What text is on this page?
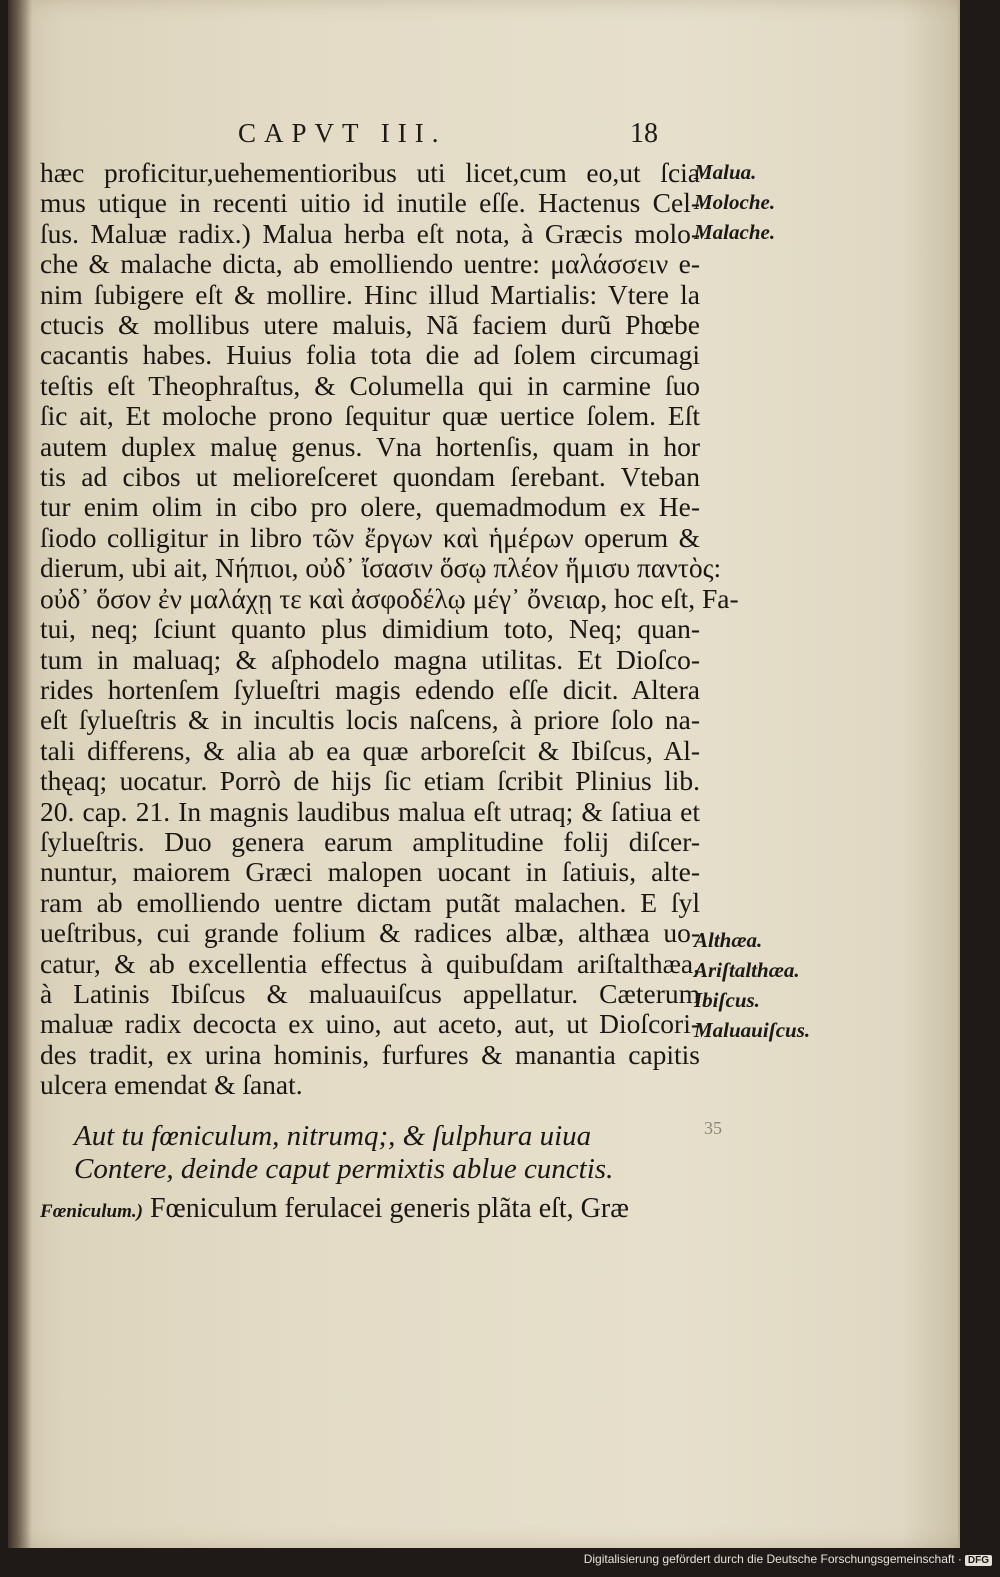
CAPVT III.	18
hæc proficitur,uehementioribus uti licet,cum eo,ut ſcia
mus utique in recenti uitio id inutile eſſe. Hactenus Cel-
ſus. Maluæ radix.) Malua herba eſt nota, à Græcis molo-
che & malache dicta, ab emolliendo uentre: μαλάσσειν e-
nim ſubigere eſt & mollire. Hinc illud Martialis: Vtere la
ctucis & mollibus utere maluis, Nã faciem durũ Phœbe
cacantis habes. Huius folia tota die ad ſolem circumagi
teſtis eſt Theophraſtus, & Columella qui in carmine ſuo
ſic ait, Et moloche prono ſequitur quæ uertice ſolem. Eſt
autem duplex maluę genus. Vna hortenſis, quam in hor
tis ad cibos ut melioreſceret quondam ſerebant. Vteban
tur enim olim in cibo pro olere, quemadmodum ex He-
ſiodo colligitur in libro τῶν ἔργων καὶ ἡμέρων operum &
dierum, ubi ait, Νήπιοι, οὐδ᾽ ἴσασιν ὅσῳ πλέον ἥμισυ παντὸς:
οὐδ᾽ ὅσον ἐν μαλάχῃ τε καὶ ἀσφοδέλῳ μέγ᾽ ὄνειαρ, hoc eſt, Fa-
tui, neq; ſciunt quanto plus dimidium toto, Neq; quan-
tum in maluaq; & aſphodelo magna utilitas. Et Dioſco-
rides hortenſem ſylueſtri magis edendo eſſe dicit. Altera
eſt ſylueſtris & in incultis locis naſcens, à priore ſolo na-
tali differens, & alia ab ea quæ arboreſcit & Ibiſcus, Al-
thęaq; uocatur. Porrò de hijs ſic etiam ſcribit Plinius lib.
20. cap. 21. In magnis laudibus malua eſt utraq; & ſatiua et
ſylueſtris. Duo genera earum amplitudine folij diſcer-
nuntur, maiorem Græci malopen uocant in ſatiuis, alte-
ram ab emolliendo uentre dictam putãt malachen. E ſyl
ueſtribus, cui grande folium & radices albæ, althæa uo-
catur, & ab excellentia effectus à quibuſdam ariſtalthæa,
à Latinis Ibiſcus & maluauiſcus appellatur. Cæterum
maluæ radix decocta ex uino, aut aceto, aut, ut Dioſcori-
des tradit, ex urina hominis, furfures & manantia capitis
ulcera emendat & ſanat.
Malua.
Moloche.
Malache.
Althæa.
Ariſtalthæa.
Ibiſcus.
Maluauiſcus.
Aut tu fœniculum, nitrumq;, & ſulphura uiua
Contere, deinde caput permixtis ablue cunctis.
35
Fœniculum.) Fœniculum ferulacei generis plãta eſt, Græ
Digitalisierung gefördert durch die Deutsche Forschungsgemeinschaft · DFG
